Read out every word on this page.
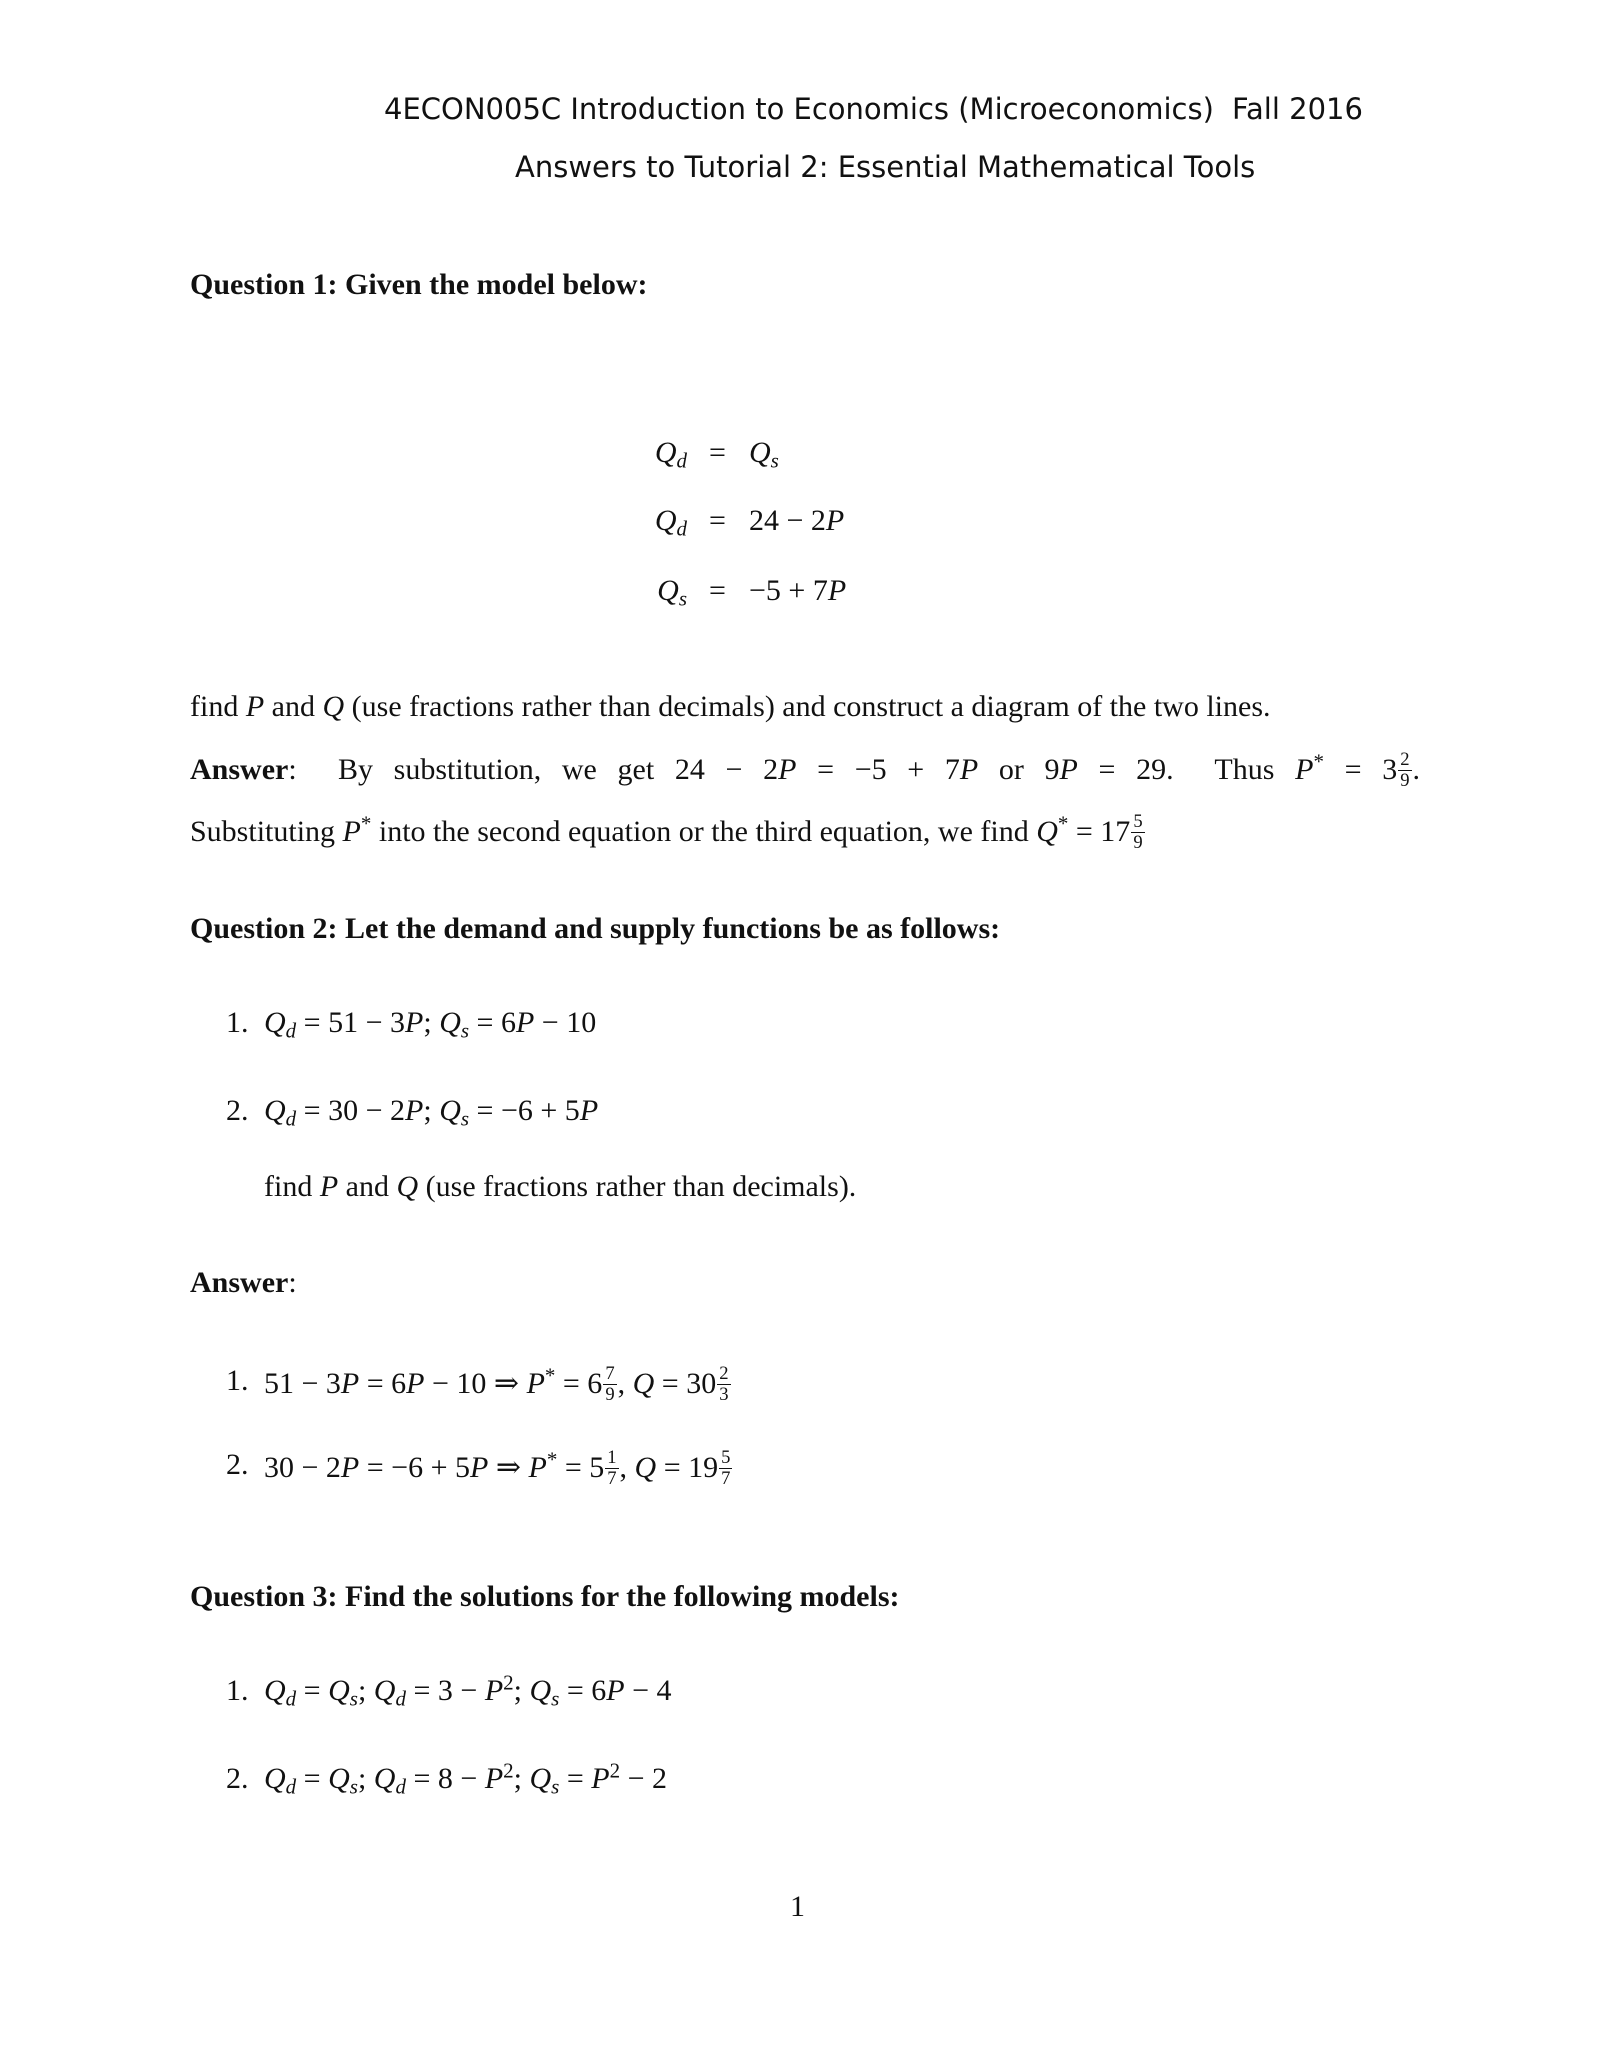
4ECON005C Introduction to Economics (Microeconomics) Fall 2016
Answers to Tutorial 2: Essential Mathematical Tools
Question 1: Given the model below:
$Q_d = Q_s$
$Q_d = 24 - 2P$
$Q_s = -5 + 7P$
find P and Q (use fractions rather than decimals) and construct a diagram of the two lines.
Answer:  By substitution, we get 24 − 2P = −5 + 7P or 9P = 29.  Thus $P^* = 3 \frac{2}{9}$ .
Substituting P* into the second equation or the third equation, we find $Q^* = 17 \frac{5}{9}$
Question 2: Let the demand and supply functions be as follows:
1. $Q_d = 51 - 3P$; $Q_s = 6P - 10$
2. $Q_d = 30 - 2P$; $Q_s = -6 + 5P$
find P and Q (use fractions rather than decimals).
Answer:
1. 51 − 3P = 6P − 10 ⇒ $P^* = 6 \frac{7}{9}$ , $Q = 30 \frac{2}{3}$
2. 30 − 2P = −6 + 5P ⇒ $P^* = 5 \frac{1}{7}$ , $Q = 19 \frac{5}{7}$
Question 3: Find the solutions for the following models:
1. $Q_d = Q_s$; $Q_d = 3 - P^2$; $Q_s = 6P - 4$
2. $Q_d = Q_s$; $Q_d = 8 - P^2$; $Q_s = P^2 - 2$
1
